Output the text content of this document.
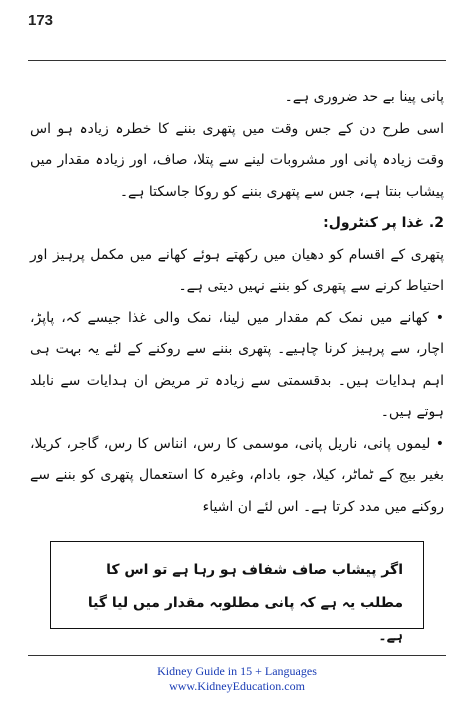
173

پانی پینا بے حد ضروری ہے۔

اسی طرح دن کے جس وقت میں پتھری بننے کا خطرہ زیادہ ہو اس وقت زیادہ پانی اور مشروبات لینے سے پتلا، صاف، اور زیادہ مقدار میں پیشاب بنتا ہے، جس سے پتھری بننے کو روکا جاسکتا ہے۔

2. غذا پر کنٹرول:

پتھری کے اقسام کو دھیان میں رکھتے ہوئے کھانے میں مکمل پرہیز اور احتیاط کرنے سے پتھری کو بننے نہیں دیتی ہے۔

• کھانے میں نمک کم مقدار میں لینا، نمک والی غذا جیسے کہ، پاپڑ، اچار، سے پرہیز کرنا چاہیے۔ پتھری بننے سے روکنے کے لئے یہ بہت ہی اہم ہدایات ہیں۔ بدقسمتی سے زیادہ تر مریض ان ہدایات سے نابلد ہوتے ہیں۔

• لیموں پانی، ناریل پانی، موسمی کا رس، انناس کا رس، گاجر، کریلا، بغیر بیج کے ٹماٹر، کیلا، جو، بادام، وغیرہ کا استعمال پتھری کو بننے سے روکنے میں مدد کرتا ہے۔ اس لئے ان اشیاء

اگر پیشاب صاف شفاف ہو رہا ہے تو اس کا مطلب یہ ہے کہ پانی مطلوبہ مقدار میں لیا گیا ہے۔
Kidney Guide in 15 + Languages
www.KidneyEducation.com
